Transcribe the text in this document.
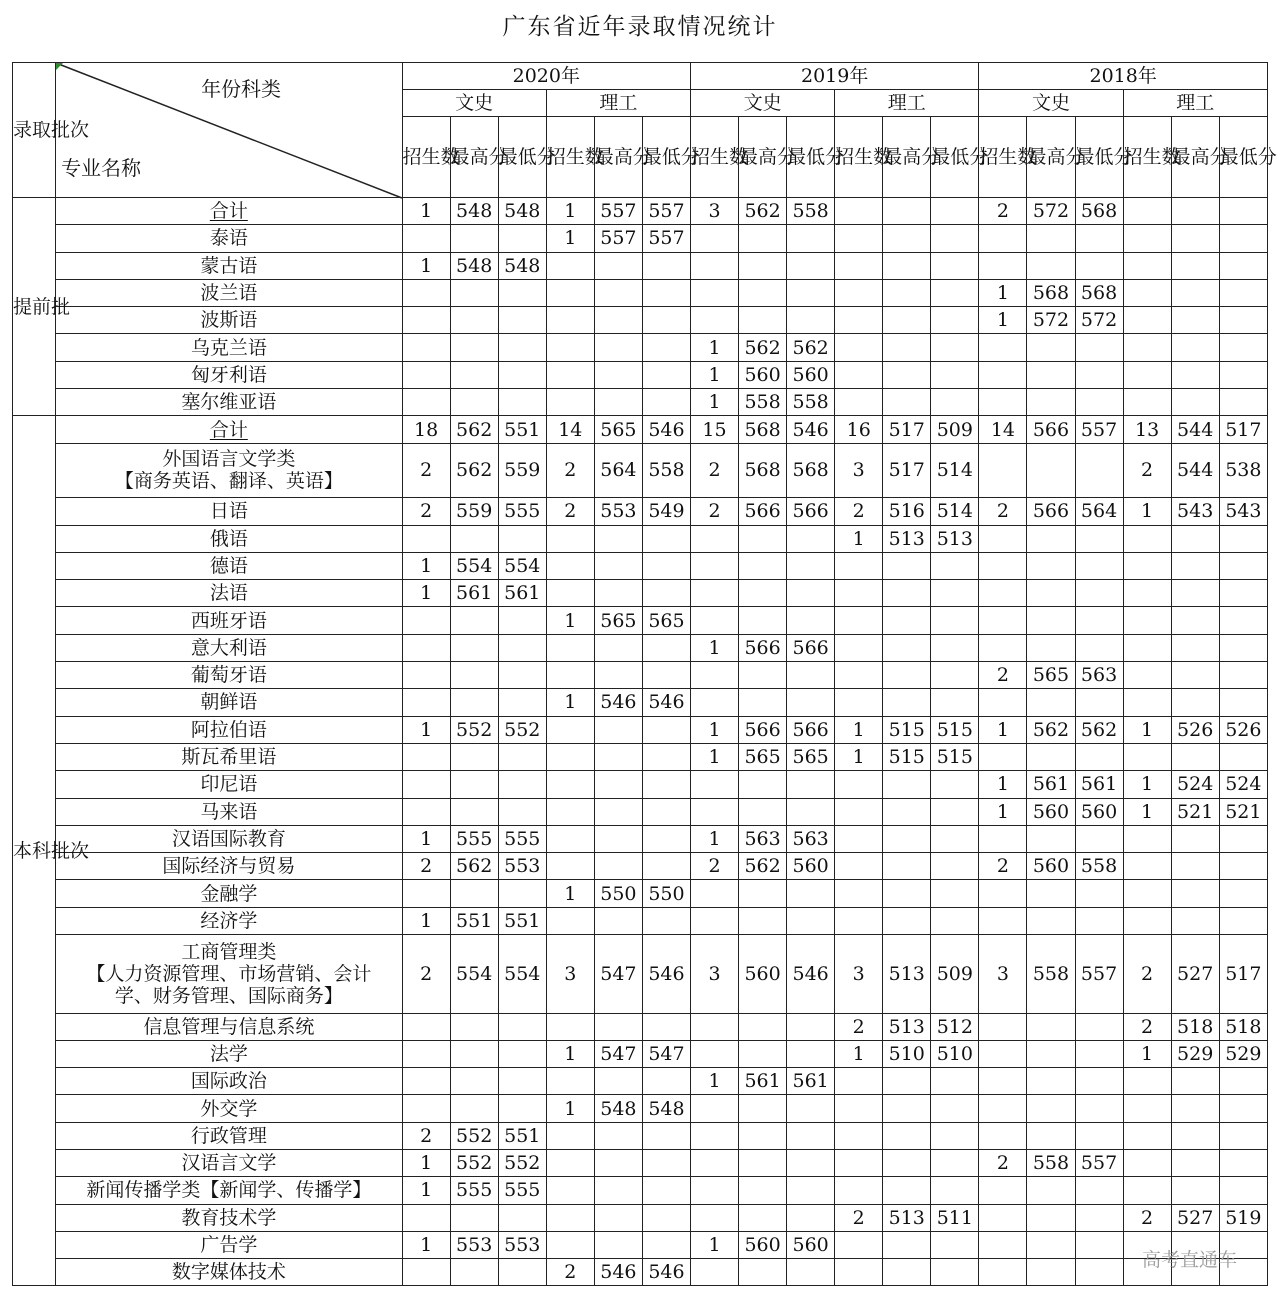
广东省近年录取情况统计
录取批次	年份科类
专业名称	2020年						2019年						2018年					
		文史			理工			文史			理工			文史			理工		
		招生数	最高分	最低分	招生数	最高分	最低分	招生数	最高分	最低分	招生数	最高分	最低分	招生数	最高分	最低分	招生数	最高分	最低分
提前批	合计	1	548	548	1	557	557	3	562	558				2	572	568			

	泰语				1	557	557												

	蒙古语	1	548	548															

	波兰语													1	568	568			

	波斯语													1	572	572			

	乌克兰语							1	562	562									

	匈牙利语							1	560	560									

	塞尔维亚语							1	558	558									
本科批次	合计	18	562	551	14	565	546	15	568	546	16	517	509	14	566	557	13	544	517

	外国语言文学类
【商务英语、翻译、英语】	2	562	559	2	564	558	2	568	568	3	517	514				2	544	538

	日语	2	559	555	2	553	549	2	566	566	2	516	514	2	566	564	1	543	543

	俄语										1	513	513						

	德语	1	554	554															

	法语	1	561	561															

	西班牙语				1	565	565												

	意大利语							1	566	566									

	葡萄牙语													2	565	563			

	朝鲜语				1	546	546												

	阿拉伯语	1	552	552				1	566	566	1	515	515	1	562	562	1	526	526

	斯瓦希里语							1	565	565	1	515	515						

	印尼语													1	561	561	1	524	524

	马来语													1	560	560	1	521	521

	汉语国际教育	1	555	555				1	563	563									

	国际经济与贸易	2	562	553				2	562	560				2	560	558			

	金融学				1	550	550												

	经济学	1	551	551															

	工商管理类
【人力资源管理、市场营销、会计
学、财务管理、国际商务】	2	554	554	3	547	546	3	560	546	3	513	509	3	558	557	2	527	517

	信息管理与信息系统										2	513	512				2	518	518

	法学				1	547	547				1	510	510				1	529	529

	国际政治							1	561	561									

	外交学				1	548	548												

	行政管理	2	552	551															

	汉语言文学	1	552	552										2	558	557			

	新闻传播学类【新闻学、传播学】	1	555	555															

	教育技术学										2	513	511				2	527	519

	广告学	1	553	553				1	560	560									

	数字媒体技术				2	546	546												
高考直通车
